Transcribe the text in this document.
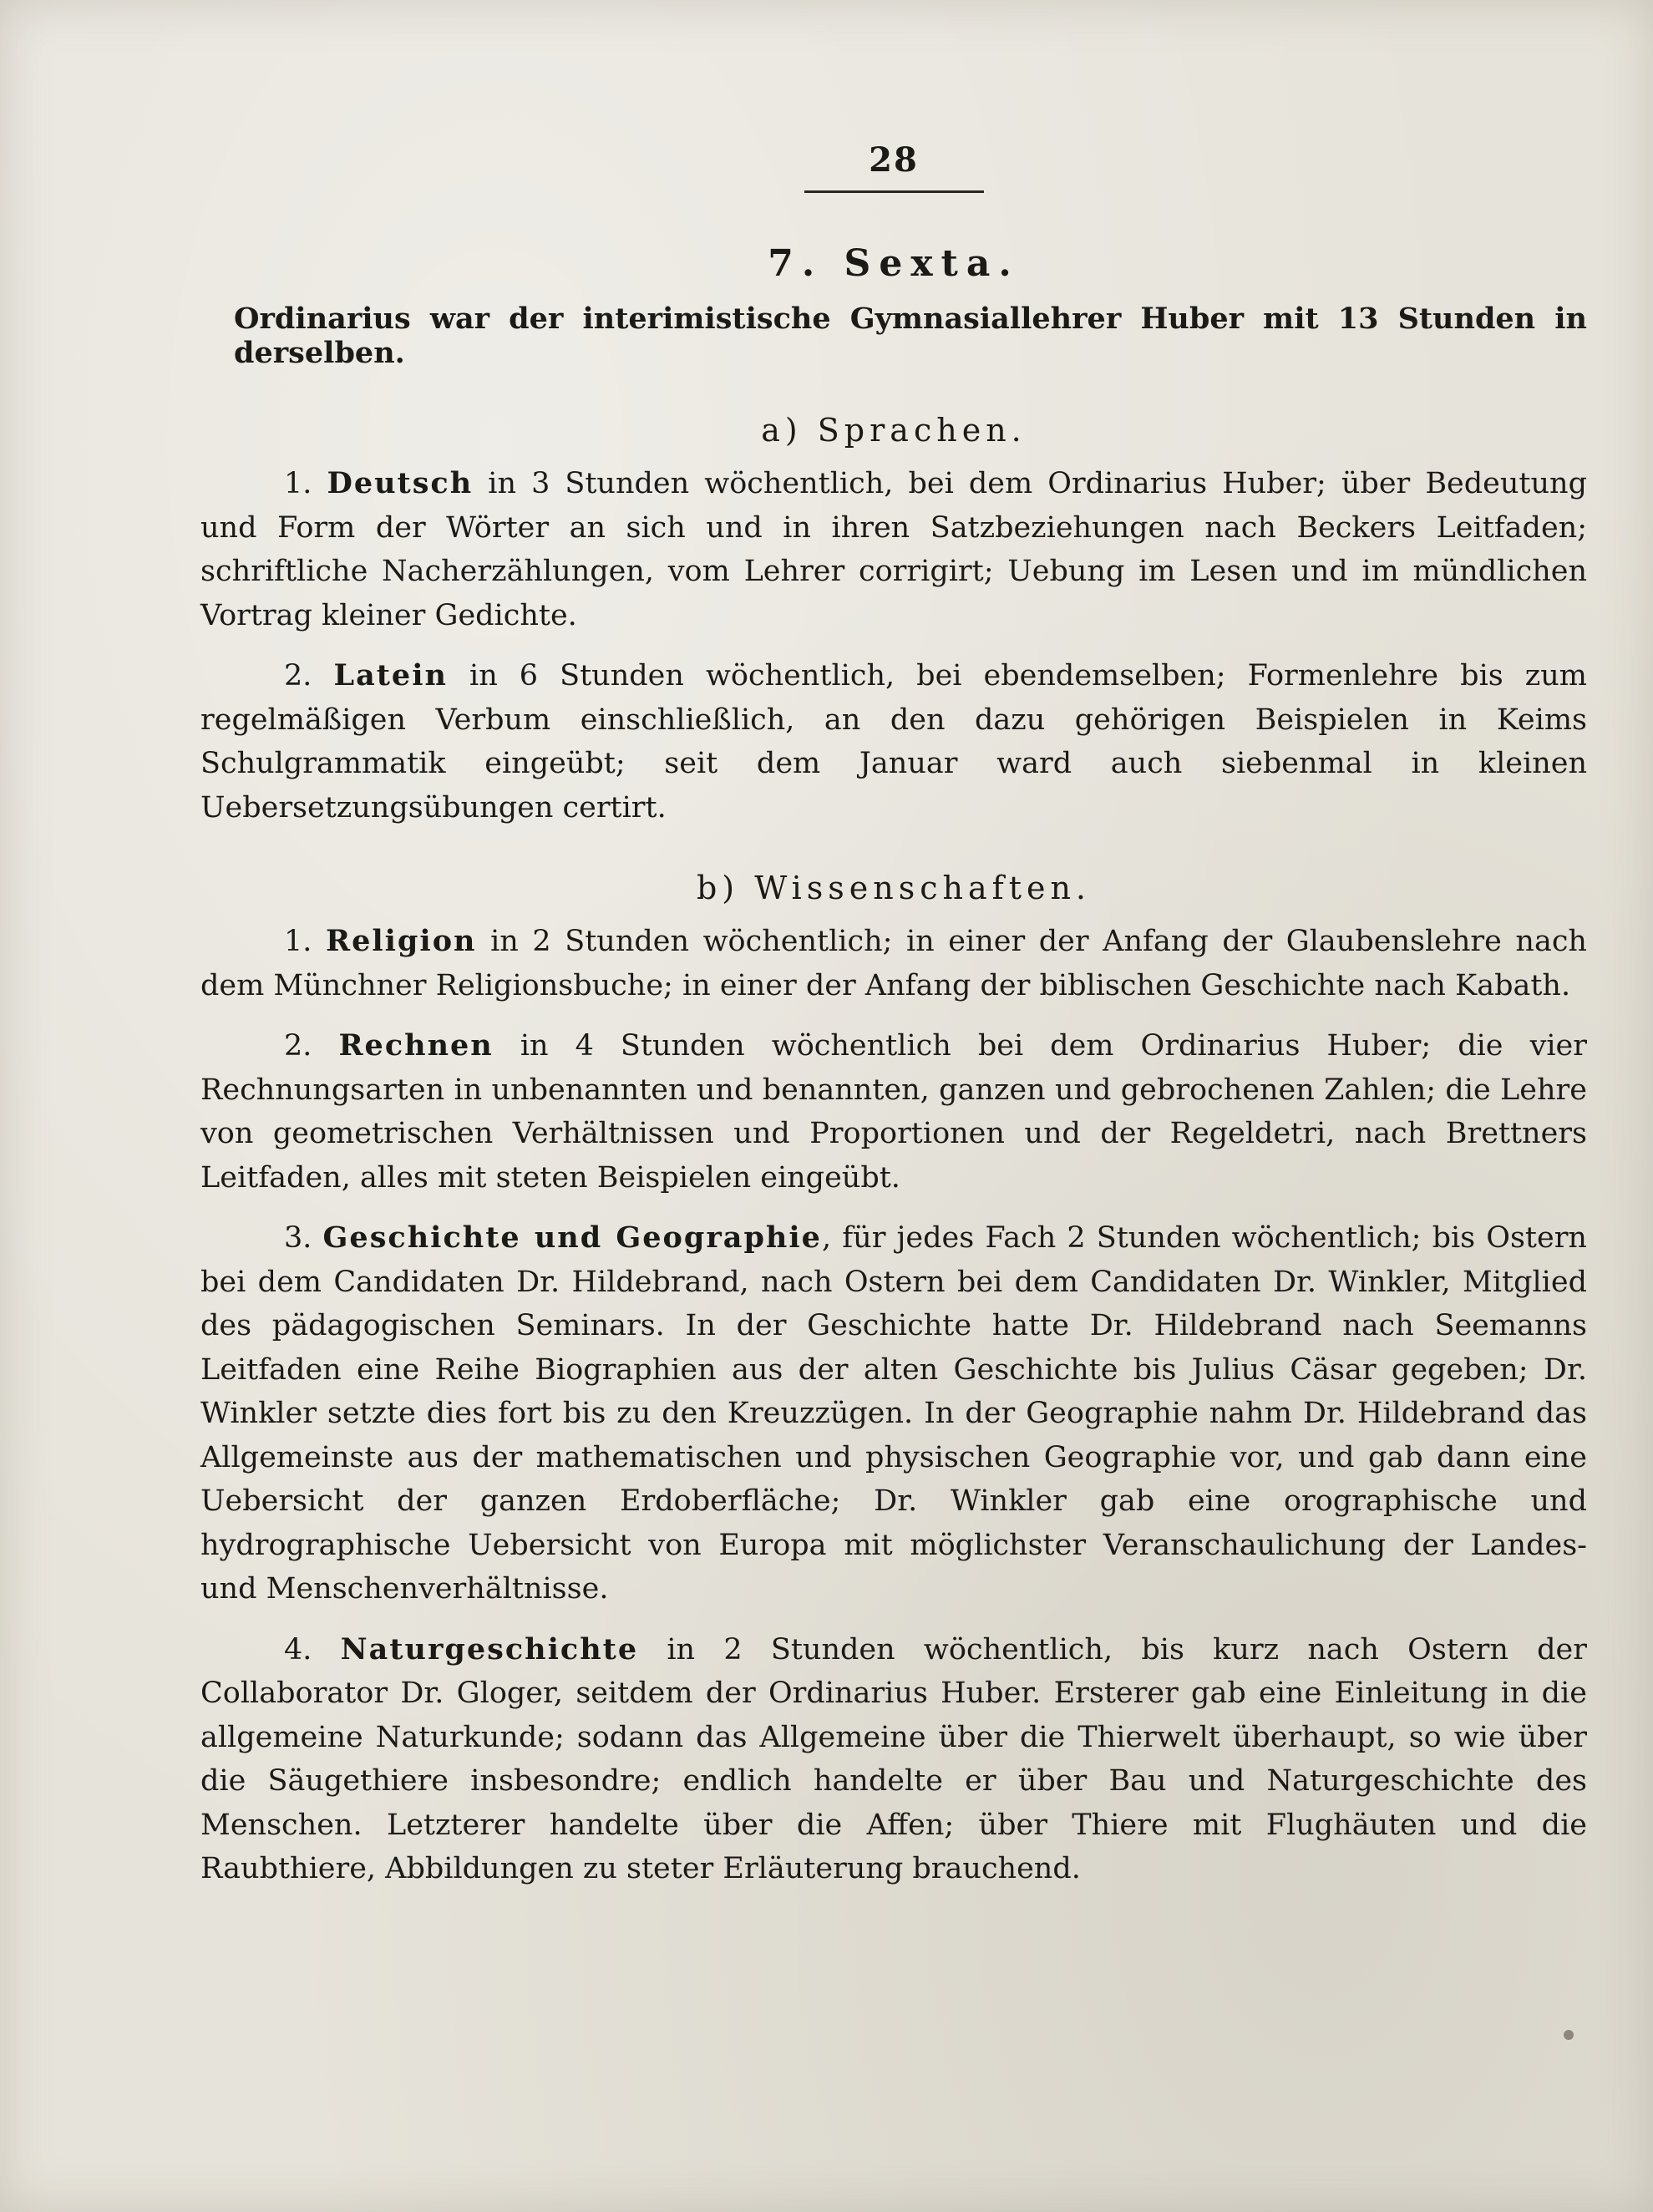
28
7. Sexta.
Ordinarius war der interimistische Gymnasiallehrer Huber mit 13 Stunden in derselben.
a) Sprachen.

1. Deutsch in 3 Stunden wöchentlich, bei dem Ordinarius Huber; über Bedeutung und Form der Wörter an sich und in ihren Satzbeziehungen nach Beckers Leitfaden; schriftliche Nacherzählungen, vom Lehrer corrigirt; Uebung im Lesen und im mündlichen Vortrag kleiner Gedichte.

2. Latein in 6 Stunden wöchentlich, bei ebendemselben; Formenlehre bis zum regelmäßigen Verbum einschließlich, an den dazu gehörigen Beispielen in Keims Schulgrammatik eingeübt; seit dem Januar ward auch siebenmal in kleinen Uebersetzungsübungen certirt.

b) Wissenschaften.

1. Religion in 2 Stunden wöchentlich; in einer der Anfang der Glaubenslehre nach dem Münchner Religionsbuche; in einer der Anfang der biblischen Geschichte nach Kabath.

2. Rechnen in 4 Stunden wöchentlich bei dem Ordinarius Huber; die vier Rechnungsarten in unbenannten und benannten, ganzen und gebrochenen Zahlen; die Lehre von geometrischen Verhältnissen und Proportionen und der Regeldetri, nach Brettners Leitfaden, alles mit steten Beispielen eingeübt.

3. Geschichte und Geographie, für jedes Fach 2 Stunden wöchentlich; bis Ostern bei dem Candidaten Dr. Hildebrand, nach Ostern bei dem Candidaten Dr. Winkler, Mitglied des pädagogischen Seminars. In der Geschichte hatte Dr. Hildebrand nach Seemanns Leitfaden eine Reihe Biographien aus der alten Geschichte bis Julius Cäsar gegeben; Dr. Winkler setzte dies fort bis zu den Kreuzzügen. In der Geographie nahm Dr. Hildebrand das Allgemeinste aus der mathematischen und physischen Geographie vor, und gab dann eine Uebersicht der ganzen Erdoberfläche; Dr. Winkler gab eine orographische und hydrographische Uebersicht von Europa mit möglichster Veranschaulichung der Landes- und Menschenverhältnisse.

4. Naturgeschichte in 2 Stunden wöchentlich, bis kurz nach Ostern der Collaborator Dr. Gloger, seitdem der Ordinarius Huber. Ersterer gab eine Einleitung in die allgemeine Naturkunde; sodann das Allgemeine über die Thierwelt überhaupt, so wie über die Säugethiere insbesondre; endlich handelte er über Bau und Naturgeschichte des Menschen. Letzterer handelte über die Affen; über Thiere mit Flughäuten und die Raubthiere, Abbildungen zu steter Erläuterung brauchend.
